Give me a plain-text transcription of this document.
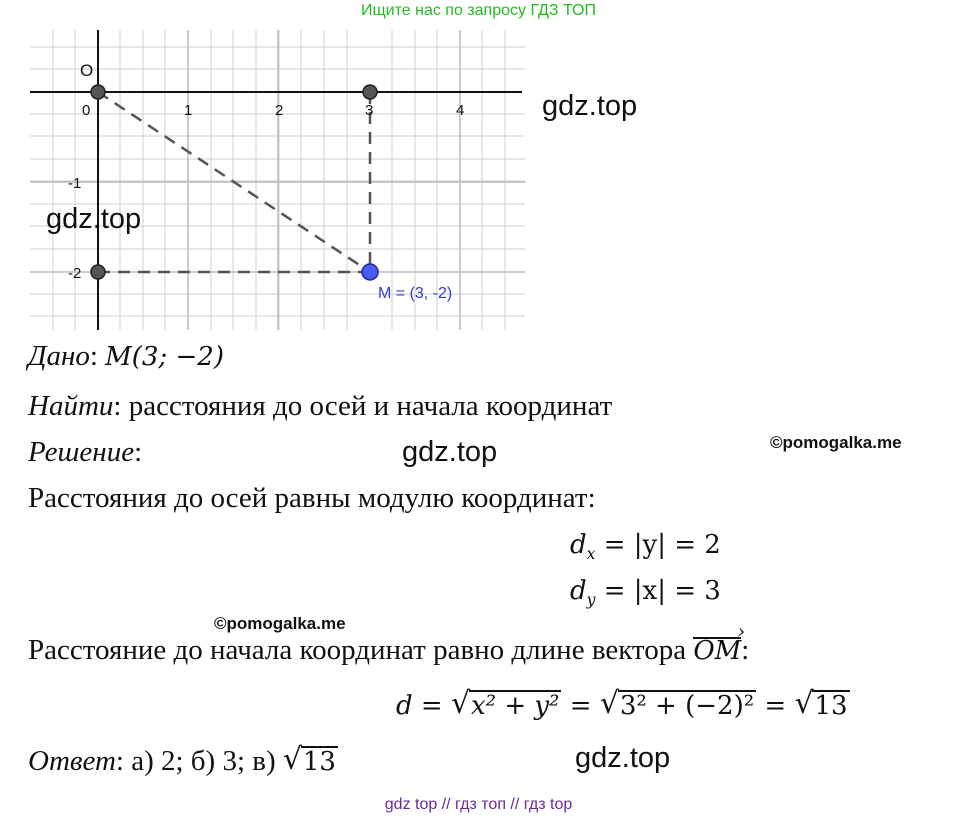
Ищите нас по запросу ГДЗ ТОП
0	1	2	3	4
-1
-2
O
M = (3, -2)
gdz.top
gdz.top
Дано: M(3; −2)
Найти: расстояния до осей и начала координат
Решение:	gdz.top	©pomogalka.me
Расстояния до осей равны модулю координат:
$d_x = |y| = 2$
$d_y = |x| = 3$
©pomogalka.me
Расстояние до начала координат равно длине вектора › OM:
d = √ x² + y² = √ 3² + (−2)² = √ 13
Ответ: а) 2; б) 3; в) √ 13	gdz.top
gdz top // гдз топ // гдз top
